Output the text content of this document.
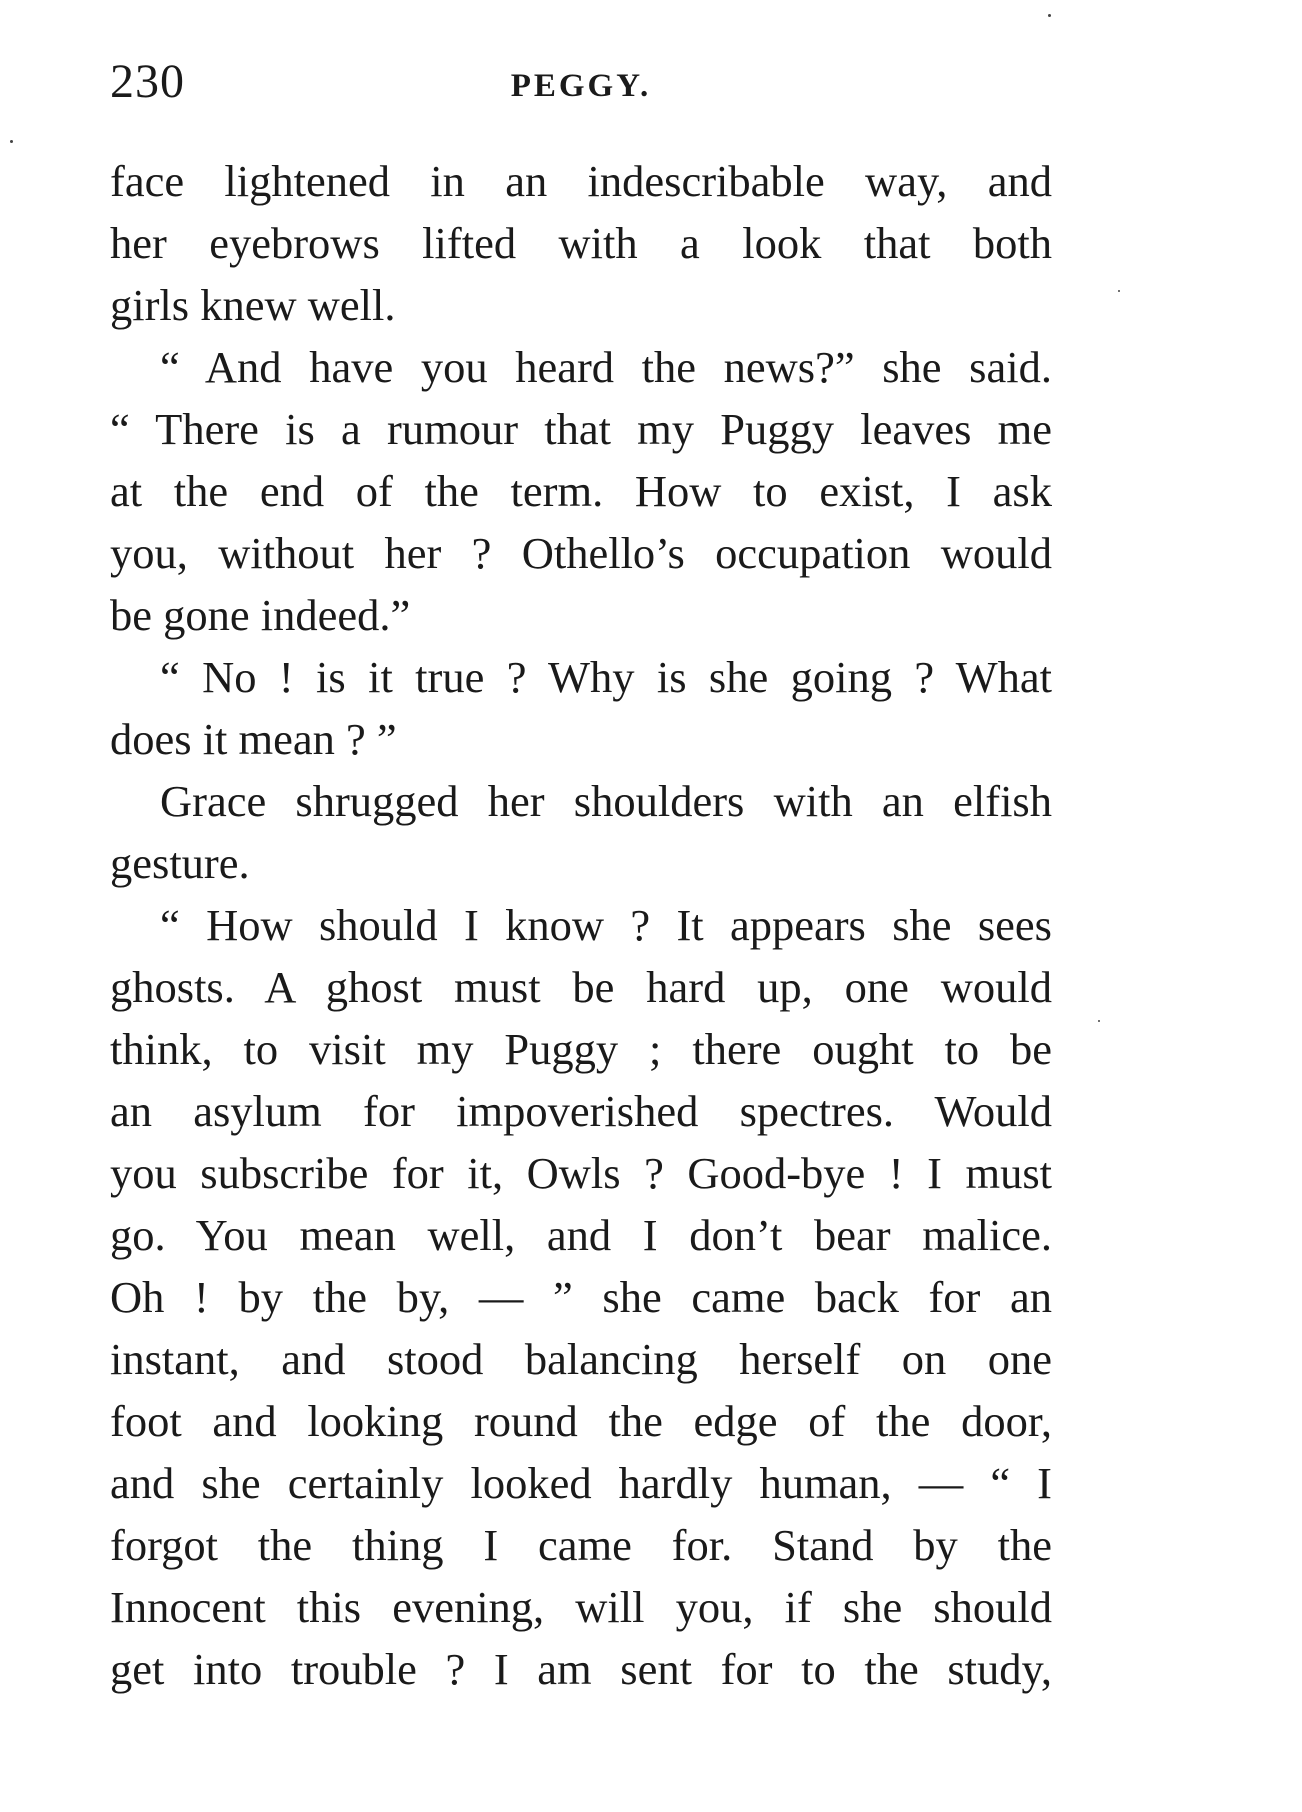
230	PEGGY.
face lightened in an indescribable way, and
her eyebrows lifted with a look that both
girls knew well.
“ And have you heard the news?” she said.
“ There is a rumour that my Puggy leaves me
at the end of the term. How to exist, I ask
you, without her ? Othello’s occupation would
be gone indeed.”
“ No ! is it true ? Why is she going ? What
does it mean ? ”
Grace shrugged her shoulders with an elfish
gesture.
“ How should I know ? It appears she sees
ghosts. A ghost must be hard up, one would
think, to visit my Puggy ; there ought to be
an asylum for impoverished spectres. Would
you subscribe for it, Owls ? Good-bye ! I must
go. You mean well, and I don’t bear malice.
Oh ! by the by, — ” she came back for an
instant, and stood balancing herself on one
foot and looking round the edge of the door,
and she certainly looked hardly human, — “ I
forgot the thing I came for. Stand by the
Innocent this evening, will you, if she should
get into trouble ? I am sent for to the study,
